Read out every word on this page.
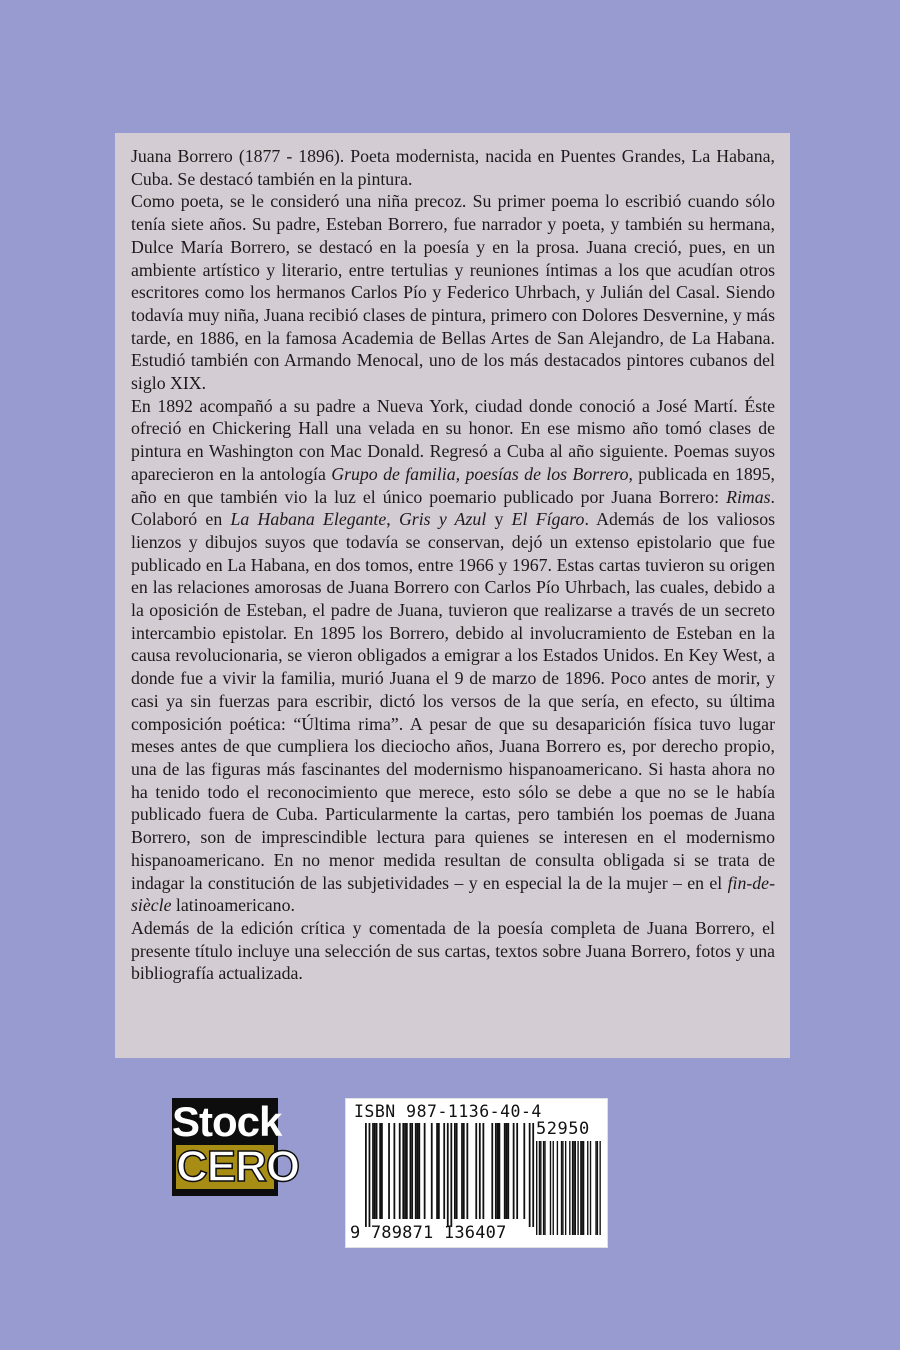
Juana Borrero (1877 - 1896). Poeta modernista, nacida en Puentes Grandes, La Habana, Cuba. Se destacó también en la pintura.

Como poeta, se le consideró una niña precoz. Su primer poema lo escribió cuando sólo tenía siete años. Su padre, Esteban Borrero, fue narrador y poeta, y también su hermana, Dulce María Borrero, se destacó en la poesía y en la prosa. Juana creció, pues, en un ambiente artístico y literario, entre tertulias y reuniones íntimas a los que acudían otros escritores como los hermanos Carlos Pío y Federico Uhrbach, y Julián del Casal. Siendo todavía muy niña, Juana recibió clases de pintura, primero con Dolores Desvernine, y más tarde, en 1886, en la famosa Academia de Bellas Artes de San Alejandro, de La Habana. Estudió también con Armando Menocal, uno de los más destacados pintores cubanos del siglo XIX.

En 1892 acompañó a su padre a Nueva York, ciudad donde conoció a José Martí. Éste ofreció en Chickering Hall una velada en su honor. En ese mismo año tomó clases de pintura en Washington con Mac Donald. Regresó a Cuba al año siguiente. Poemas suyos aparecieron en la antología Grupo de familia, poesías de los Borrero, publicada en 1895, año en que también vio la luz el único poemario publicado por Juana Borrero: Rimas. Colaboró en La Habana Elegante, Gris y Azul y El Fígaro. Además de los valiosos lienzos y dibujos suyos que todavía se conservan, dejó un extenso epistolario que fue publicado en La Habana, en dos tomos, entre 1966 y 1967. Estas cartas tuvieron su origen en las relaciones amorosas de Juana Borrero con Carlos Pío Uhrbach, las cuales, debido a la oposición de Esteban, el padre de Juana, tuvieron que realizarse a través de un secreto intercambio epistolar. En 1895 los Borrero, debido al involucramiento de Esteban en la causa revolucionaria, se vieron obligados a emigrar a los Estados Unidos. En Key West, a donde fue a vivir la familia, murió Juana el 9 de marzo de 1896. Poco antes de morir, y casi ya sin fuerzas para escribir, dictó los versos de la que sería, en efecto, su última composición poética: “Última rima”. A pesar de que su desaparición física tuvo lugar meses antes de que cumpliera los dieciocho años, Juana Borrero es, por derecho propio, una de las figuras más fascinantes del modernismo hispanoamericano. Si hasta ahora no ha tenido todo el reconocimiento que merece, esto sólo se debe a que no se le había publicado fuera de Cuba. Particularmente la cartas, pero también los poemas de Juana Borrero, son de imprescindible lectura para quienes se interesen en el modernismo hispanoamericano. En no menor medida resultan de consulta obligada si se trata de indagar la constitución de las subjetividades – y en especial la de la mujer – en el fin-de-siècle latinoamericano.

Además de la edición crítica y comentada de la poesía completa de Juana Borrero, el presente título incluye una selección de sus cartas, textos sobre Juana Borrero, fotos y una bibliografía actualizada.

Stock
CERO
ISBN 987-1136-40-4
52950
9 789871 136407
